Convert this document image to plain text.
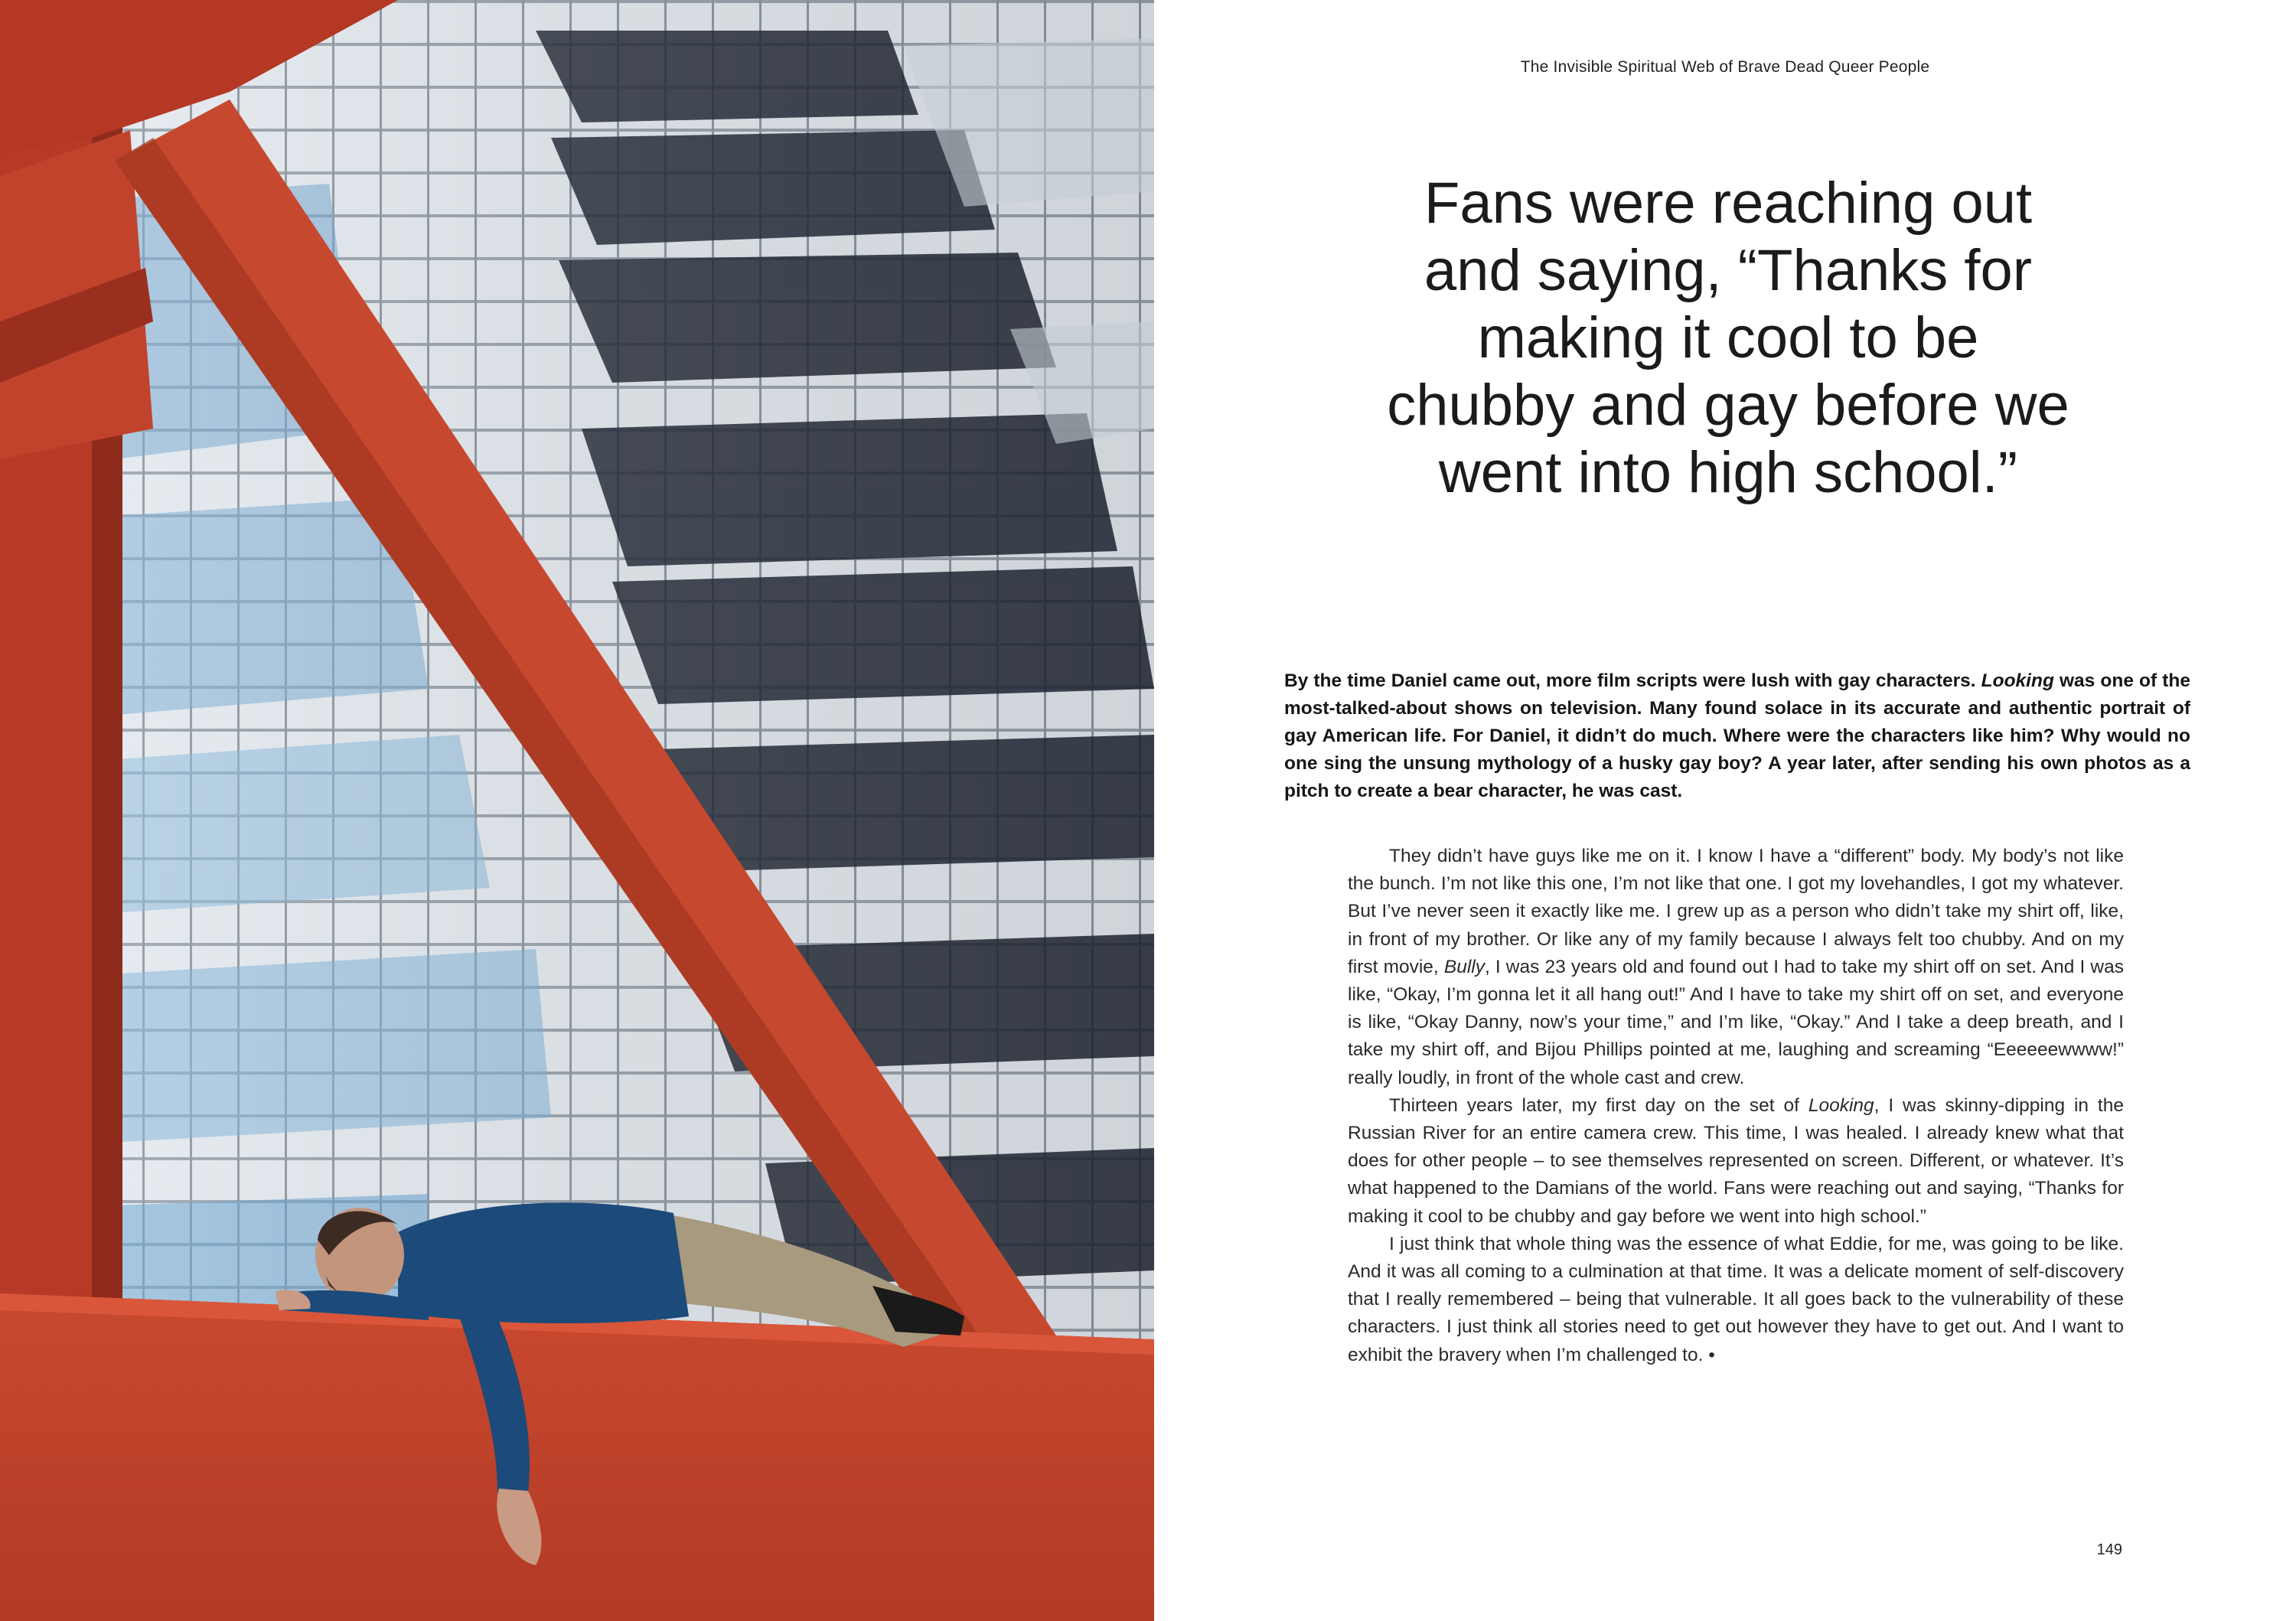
The Invisible Spiritual Web of Brave Dead Queer People
Fans were reaching out and saying, “Thanks for making it cool to be chubby and gay before we went into high school.”

By the time Daniel came out, more film scripts were lush with gay characters. Looking was one of the most-talked-about shows on television. Many found solace in its accurate and authentic portrait of gay American life. For Daniel, it didn’t do much. Where were the characters like him? Why would no one sing the unsung mythology of a husky gay boy? A year later, after sending his own photos as a pitch to create a bear character, he was cast.

They didn’t have guys like me on it. I know I have a “different” body. My body’s not like the bunch. I’m not like this one, I’m not like that one. I got my lovehandles, I got my whatever. But I’ve never seen it exactly like me. I grew up as a person who didn’t take my shirt off, like, in front of my brother. Or like any of my family because I always felt too chubby. And on my first movie, Bully, I was 23 years old and found out I had to take my shirt off on set. And I was like, “Okay, I’m gonna let it all hang out!” And I have to take my shirt off on set, and everyone is like, “Okay Danny, now’s your time,” and I’m like, “Okay.” And I take a deep breath, and I take my shirt off, and Bijou Phillips pointed at me, laughing and screaming “Eeeeeewwww!” really loudly, in front of the whole cast and crew.

Thirteen years later, my first day on the set of Looking, I was skinny-dipping in the Russian River for an entire camera crew. This time, I was healed. I already knew what that does for other people – to see themselves represented on screen. Different, or whatever. It’s what happened to the Damians of the world. Fans were reaching out and saying, “Thanks for making it cool to be chubby and gay before we went into high school.”

I just think that whole thing was the essence of what Eddie, for me, was going to be like. And it was all coming to a culmination at that time. It was a delicate moment of self-discovery that I really remembered – being that vulnerable. It all goes back to the vulnerability of these characters. I just think all stories need to get out however they have to get out. And I want to exhibit the bravery when I’m challenged to. •

149
